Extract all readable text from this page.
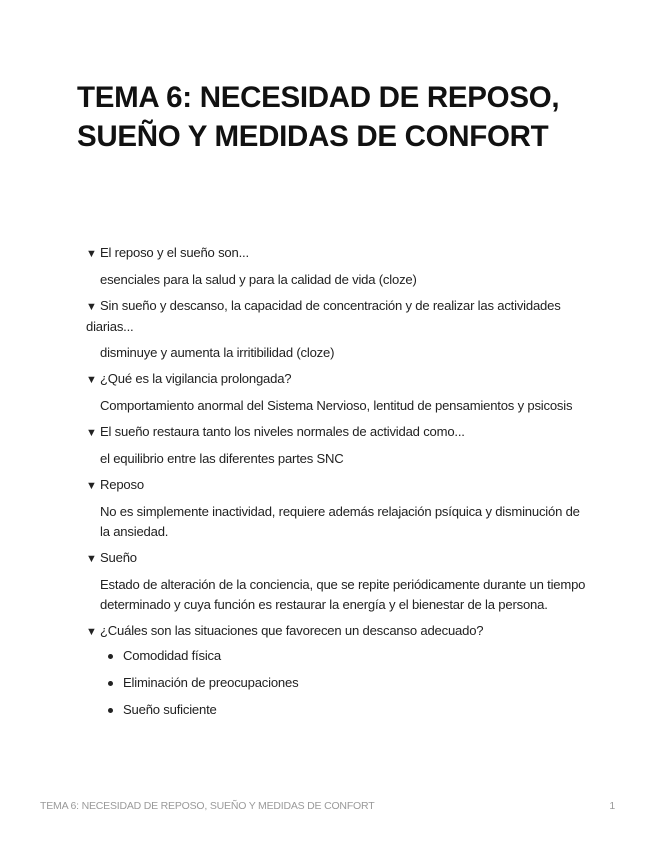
TEMA 6: NECESIDAD DE REPOSO, SUEÑO Y MEDIDAS DE CONFORT
▼ El reposo y el sueño son...
esenciales para la salud y para la calidad de vida (cloze)
▼ Sin sueño y descanso, la capacidad de concentración y de realizar las actividades diarias...
disminuye y aumenta la irritibilidad (cloze)
▼ ¿Qué es la vigilancia prolongada?
Comportamiento anormal del Sistema Nervioso, lentitud de pensamientos y psicosis
▼ El sueño restaura tanto los niveles normales de actividad como...
el equilibrio entre las diferentes partes SNC
▼ Reposo
No es simplemente inactividad, requiere además relajación psíquica y disminución de la ansiedad.
▼ Sueño
Estado de alteración de la conciencia, que se repite periódicamente durante un tiempo determinado y cuya función es restaurar la energía y el bienestar de la persona.
▼ ¿Cuáles son las situaciones que favorecen un descanso adecuado?
Comodidad física
Eliminación de preocupaciones
Sueño suficiente
TEMA 6: NECESIDAD DE REPOSO, SUEÑO Y MEDIDAS DE CONFORT	1
